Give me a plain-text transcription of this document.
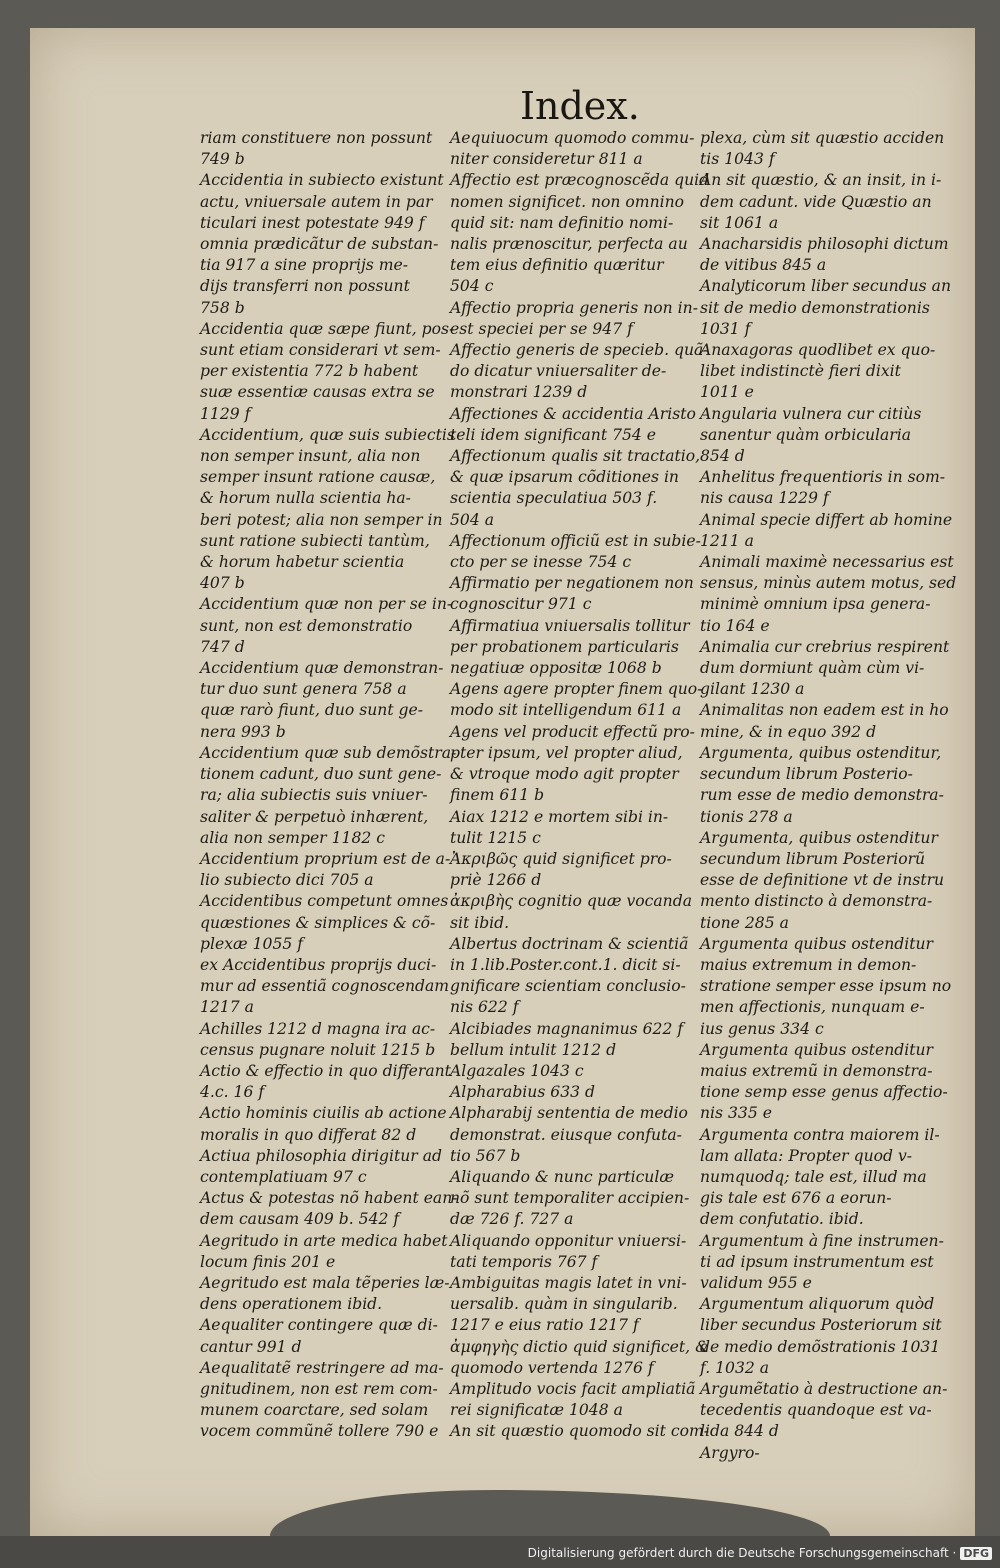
Index.
riam constituere non possunt
749 b
Accidentia in subiecto existunt
actu, vniuersale autem in par
ticulari inest potestate 949 f
omnia prædicãtur de substan-
tia 917 a sine proprijs me-
dijs transferri non possunt
758 b
Accidentia quæ sæpe fiunt, pos-
sunt etiam considerari vt sem-
per existentia 772 b habent
suæ essentiæ causas extra se
1129 f
Accidentium, quæ suis subiectis
non semper insunt, alia non
semper insunt ratione causæ,
& horum nulla scientia ha-
beri potest; alia non semper in
sunt ratione subiecti tantùm,
& horum habetur scientia
407 b
Accidentium quæ non per se in-
sunt, non est demonstratio
747 d
Accidentium quæ demonstran-
tur duo sunt genera 758 a
quæ rarò fiunt, duo sunt ge-
nera 993 b
Accidentium quæ sub demõstra-
tionem cadunt, duo sunt gene-
ra; alia subiectis suis vniuer-
saliter & perpetuò inhærent,
alia non semper 1182 c
Accidentium proprium est de a-
lio subiecto dici 705 a
Accidentibus competunt omnes
quæstiones & simplices & cõ-
plexæ 1055 f
ex Accidentibus proprijs duci-
mur ad essentiã cognoscendam
1217 a
Achilles 1212 d magna ira ac-
census pugnare noluit 1215 b
Actio & effectio in quo differant
4.c. 16 f
Actio hominis ciuilis ab actione
moralis in quo differat 82 d
Actiua philosophia dirigitur ad
contemplatiuam 97 c
Actus & potestas nõ habent ean-
dem causam 409 b. 542 f
Aegritudo in arte medica habet
locum finis 201 e
Aegritudo est mala tẽperies læ-
dens operationem ibid.
Aequaliter contingere quæ di-
cantur 991 d
Aequalitatẽ restringere ad ma-
gnitudinem, non est rem com-
munem coarctare, sed solam
vocem commũnẽ tollere 790 e
Aequiuocum quomodo commu-
niter consideretur 811 a
Affectio est præcognoscẽda quid
nomen significet. non omnino
quid sit: nam definitio nomi-
nalis prænoscitur, perfecta au
tem eius definitio quæritur
504 c
Affectio propria generis non in-
est speciei per se 947 f
Affectio generis de specieb. quã-
do dicatur vniuersaliter de-
monstrari 1239 d
Affectiones & accidentia Aristo
teli idem significant 754 e
Affectionum qualis sit tractatio,
& quæ ipsarum cõditiones in
scientia speculatiua 503 f.
504 a
Affectionum officiũ est in subie-
cto per se inesse 754 c
Affirmatio per negationem non
cognoscitur 971 c
Affirmatiua vniuersalis tollitur
per probationem particularis
negatiuæ oppositæ 1068 b
Agens agere propter finem quo-
modo sit intelligendum 611 a
Agens vel producit effectũ pro-
pter ipsum, vel propter aliud,
& vtroque modo agit propter
finem 611 b
Aiax 1212 e mortem sibi in-
tulit 1215 c
Ἀκριβῶς quid significet pro-
priè 1266 d
ἀκριβὴς cognitio quæ vocanda
sit ibid.
Albertus doctrinam & scientiã
in 1.lib.Poster.cont.1. dicit si-
gnificare scientiam conclusio-
nis 622 f
Alcibiades magnanimus 622 f
bellum intulit 1212 d
Algazales 1043 c
Alpharabius 633 d
Alpharabij sententia de medio
demonstrat. eiusque confuta-
tio 567 b
Aliquando & nunc particulæ
nõ sunt temporaliter accipien-
dæ 726 f. 727 a
Aliquando opponitur vniuersi-
tati temporis 767 f
Ambiguitas magis latet in vni-
uersalib. quàm in singularib.
1217 e eius ratio 1217 f
ἀμφηγὴς dictio quid significet, &
quomodo vertenda 1276 f
Amplitudo vocis facit ampliatiã
rei significatæ 1048 a
An sit quæstio quomodo sit com-
plexa, cùm sit quæstio acciden
tis 1043 f
An sit quæstio, & an insit, in i-
dem cadunt. vide Quæstio an
sit 1061 a
Anacharsidis philosophi dictum
de vitibus 845 a
Analyticorum liber secundus an
sit de medio demonstrationis
1031 f
Anaxagoras quodlibet ex quo-
libet indistinctè fieri dixit
1011 e
Angularia vulnera cur citiùs
sanentur quàm orbicularia
854 d
Anhelitus frequentioris in som-
nis causa 1229 f
Animal specie differt ab homine
1211 a
Animali maximè necessarius est
sensus, minùs autem motus, sed
minimè omnium ipsa genera-
tio 164 e
Animalia cur crebrius respirent
dum dormiunt quàm cùm vi-
gilant 1230 a
Animalitas non eadem est in ho
mine, & in equo 392 d
Argumenta, quibus ostenditur,
secundum librum Posterio-
rum esse de medio demonstra-
tionis 278 a
Argumenta, quibus ostenditur
secundum librum Posteriorũ
esse de definitione vt de instru
mento distincto à demonstra-
tione 285 a
Argumenta quibus ostenditur
maius extremum in demon-
stratione semper esse ipsum no
men affectionis, nunquam e-
ius genus 334 c
Argumenta quibus ostenditur
maius extremũ in demonstra-
tione semp esse genus affectio-
nis 335 e
Argumenta contra maiorem il-
lam allata: Propter quod v-
numquodq; tale est, illud ma
gis tale est 676 a eorun-
dem confutatio. ibid.
Argumentum à fine instrumen-
ti ad ipsum instrumentum est
validum 955 e
Argumentum aliquorum quòd
liber secundus Posteriorum sit
de medio demõstrationis 1031
f. 1032 a
Argumẽtatio à destructione an-
tecedentis quandoque est va-
lida 844 d
Argyro-
Digitalisierung gefördert durch die Deutsche Forschungsgemeinschaft · DFG
